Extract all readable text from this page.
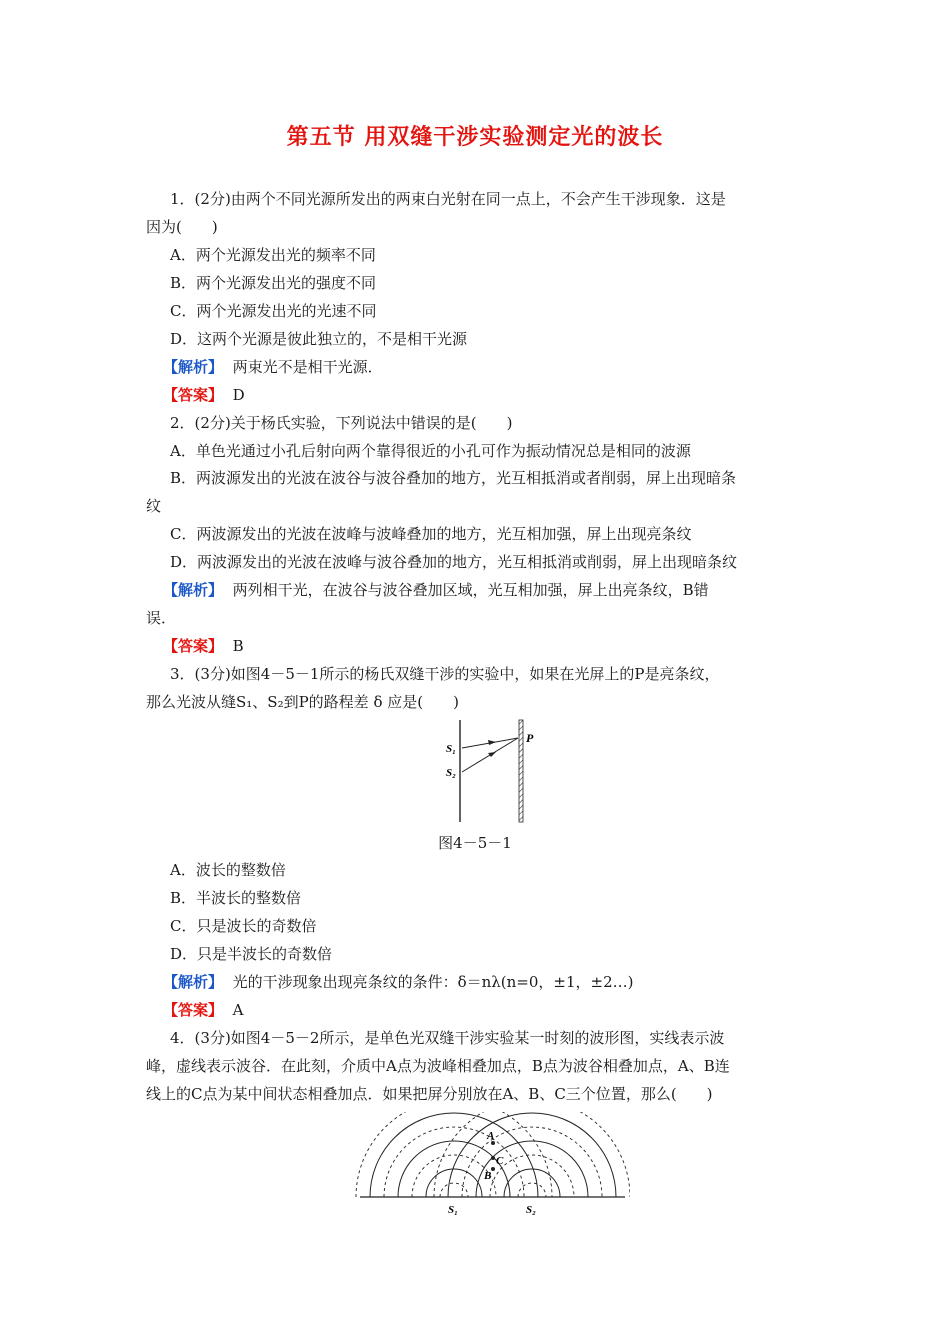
第五节 用双缝干涉实验测定光的波长
1．(2分)由两个不同光源所发出的两束白光射在同一点上，不会产生干涉现象．这是
因为(　　)
A．两个光源发出光的频率不同
B．两个光源发出光的强度不同
C．两个光源发出光的光速不同
D．这两个光源是彼此独立的，不是相干光源
【解析】 两束光不是相干光源．
【答案】 D
2．(2分)关于杨氏实验，下列说法中错误的是(　　)
A．单色光通过小孔后射向两个靠得很近的小孔可作为振动情况总是相同的波源
B．两波源发出的光波在波谷与波谷叠加的地方，光互相抵消或者削弱，屏上出现暗条
纹
C．两波源发出的光波在波峰与波峰叠加的地方，光互相加强，屏上出现亮条纹
D．两波源发出的光波在波峰与波谷叠加的地方，光互相抵消或削弱，屏上出现暗条纹
【解析】 两列相干光，在波谷与波谷叠加区域，光互相加强，屏上出亮条纹，B错
误．
【答案】 B
3．(3分)如图4－5－1所示的杨氏双缝干涉的实验中，如果在光屏上的P是亮条纹，
那么光波从缝S₁、S₂到P的路程差 δ 应是(　　)
S₁
S₂
P
图4－5－1
A．波长的整数倍
B．半波长的整数倍
C．只是波长的奇数倍
D．只是半波长的奇数倍
【解析】 光的干涉现象出现亮条纹的条件：δ＝nλ(n=0，±1，±2…)
【答案】 A
4．(3分)如图4－5－2所示，是单色光双缝干涉实验某一时刻的波形图，实线表示波
峰，虚线表示波谷．在此刻，介质中A点为波峰相叠加点，B点为波谷相叠加点，A、B连
线上的C点为某中间状态相叠加点．如果把屏分别放在A、B、C三个位置，那么(　　)
A
C
B
S₁	S₂
